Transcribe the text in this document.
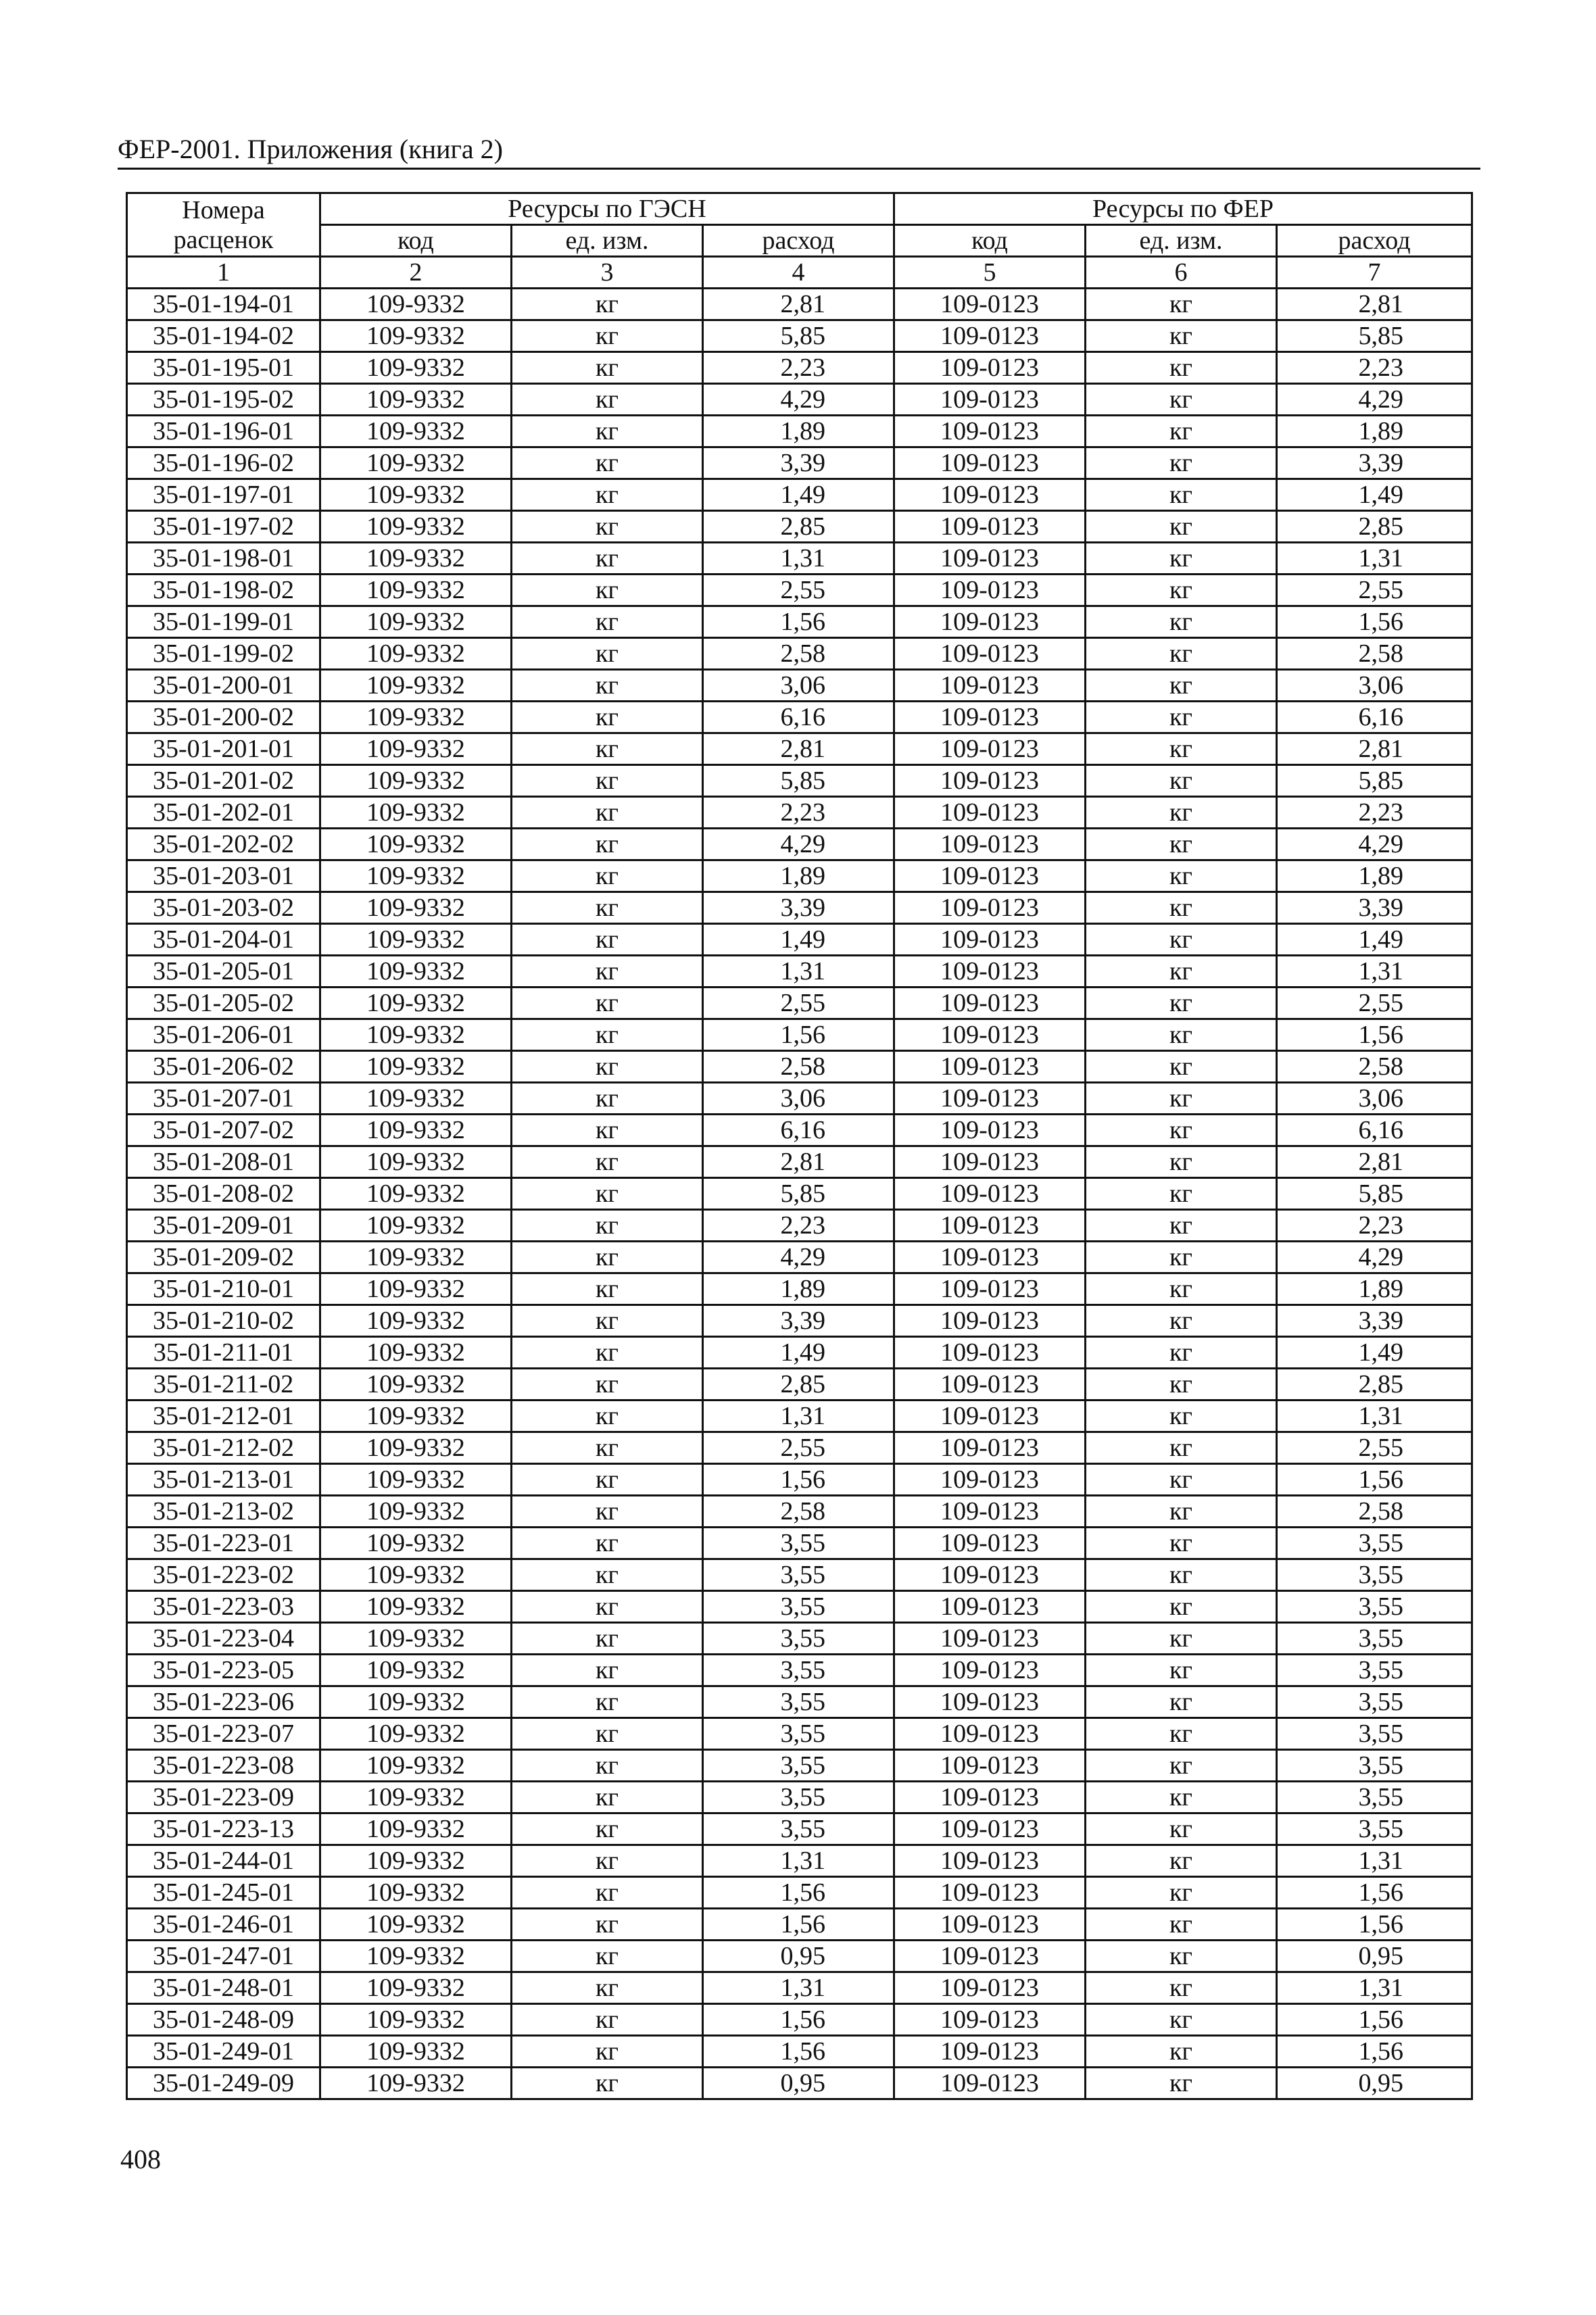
ФЕР-2001. Приложения (книга 2)
Номера
расценок	Ресурсы по ГЭСН			Ресурсы по ФЕР		
	код	ед. изм.	расход	код	ед. изм.	расход
1	2	3	4	5	6	7
35-01-194-01	109-9332	кг	2,81	109-0123	кг	2,81
35-01-194-02	109-9332	кг	5,85	109-0123	кг	5,85
35-01-195-01	109-9332	кг	2,23	109-0123	кг	2,23
35-01-195-02	109-9332	кг	4,29	109-0123	кг	4,29
35-01-196-01	109-9332	кг	1,89	109-0123	кг	1,89
35-01-196-02	109-9332	кг	3,39	109-0123	кг	3,39
35-01-197-01	109-9332	кг	1,49	109-0123	кг	1,49
35-01-197-02	109-9332	кг	2,85	109-0123	кг	2,85
35-01-198-01	109-9332	кг	1,31	109-0123	кг	1,31
35-01-198-02	109-9332	кг	2,55	109-0123	кг	2,55
35-01-199-01	109-9332	кг	1,56	109-0123	кг	1,56
35-01-199-02	109-9332	кг	2,58	109-0123	кг	2,58
35-01-200-01	109-9332	кг	3,06	109-0123	кг	3,06
35-01-200-02	109-9332	кг	6,16	109-0123	кг	6,16
35-01-201-01	109-9332	кг	2,81	109-0123	кг	2,81
35-01-201-02	109-9332	кг	5,85	109-0123	кг	5,85
35-01-202-01	109-9332	кг	2,23	109-0123	кг	2,23
35-01-202-02	109-9332	кг	4,29	109-0123	кг	4,29
35-01-203-01	109-9332	кг	1,89	109-0123	кг	1,89
35-01-203-02	109-9332	кг	3,39	109-0123	кг	3,39
35-01-204-01	109-9332	кг	1,49	109-0123	кг	1,49
35-01-205-01	109-9332	кг	1,31	109-0123	кг	1,31
35-01-205-02	109-9332	кг	2,55	109-0123	кг	2,55
35-01-206-01	109-9332	кг	1,56	109-0123	кг	1,56
35-01-206-02	109-9332	кг	2,58	109-0123	кг	2,58
35-01-207-01	109-9332	кг	3,06	109-0123	кг	3,06
35-01-207-02	109-9332	кг	6,16	109-0123	кг	6,16
35-01-208-01	109-9332	кг	2,81	109-0123	кг	2,81
35-01-208-02	109-9332	кг	5,85	109-0123	кг	5,85
35-01-209-01	109-9332	кг	2,23	109-0123	кг	2,23
35-01-209-02	109-9332	кг	4,29	109-0123	кг	4,29
35-01-210-01	109-9332	кг	1,89	109-0123	кг	1,89
35-01-210-02	109-9332	кг	3,39	109-0123	кг	3,39
35-01-211-01	109-9332	кг	1,49	109-0123	кг	1,49
35-01-211-02	109-9332	кг	2,85	109-0123	кг	2,85
35-01-212-01	109-9332	кг	1,31	109-0123	кг	1,31
35-01-212-02	109-9332	кг	2,55	109-0123	кг	2,55
35-01-213-01	109-9332	кг	1,56	109-0123	кг	1,56
35-01-213-02	109-9332	кг	2,58	109-0123	кг	2,58
35-01-223-01	109-9332	кг	3,55	109-0123	кг	3,55
35-01-223-02	109-9332	кг	3,55	109-0123	кг	3,55
35-01-223-03	109-9332	кг	3,55	109-0123	кг	3,55
35-01-223-04	109-9332	кг	3,55	109-0123	кг	3,55
35-01-223-05	109-9332	кг	3,55	109-0123	кг	3,55
35-01-223-06	109-9332	кг	3,55	109-0123	кг	3,55
35-01-223-07	109-9332	кг	3,55	109-0123	кг	3,55
35-01-223-08	109-9332	кг	3,55	109-0123	кг	3,55
35-01-223-09	109-9332	кг	3,55	109-0123	кг	3,55
35-01-223-13	109-9332	кг	3,55	109-0123	кг	3,55
35-01-244-01	109-9332	кг	1,31	109-0123	кг	1,31
35-01-245-01	109-9332	кг	1,56	109-0123	кг	1,56
35-01-246-01	109-9332	кг	1,56	109-0123	кг	1,56
35-01-247-01	109-9332	кг	0,95	109-0123	кг	0,95
35-01-248-01	109-9332	кг	1,31	109-0123	кг	1,31
35-01-248-09	109-9332	кг	1,56	109-0123	кг	1,56
35-01-249-01	109-9332	кг	1,56	109-0123	кг	1,56
35-01-249-09	109-9332	кг	0,95	109-0123	кг	0,95
408
